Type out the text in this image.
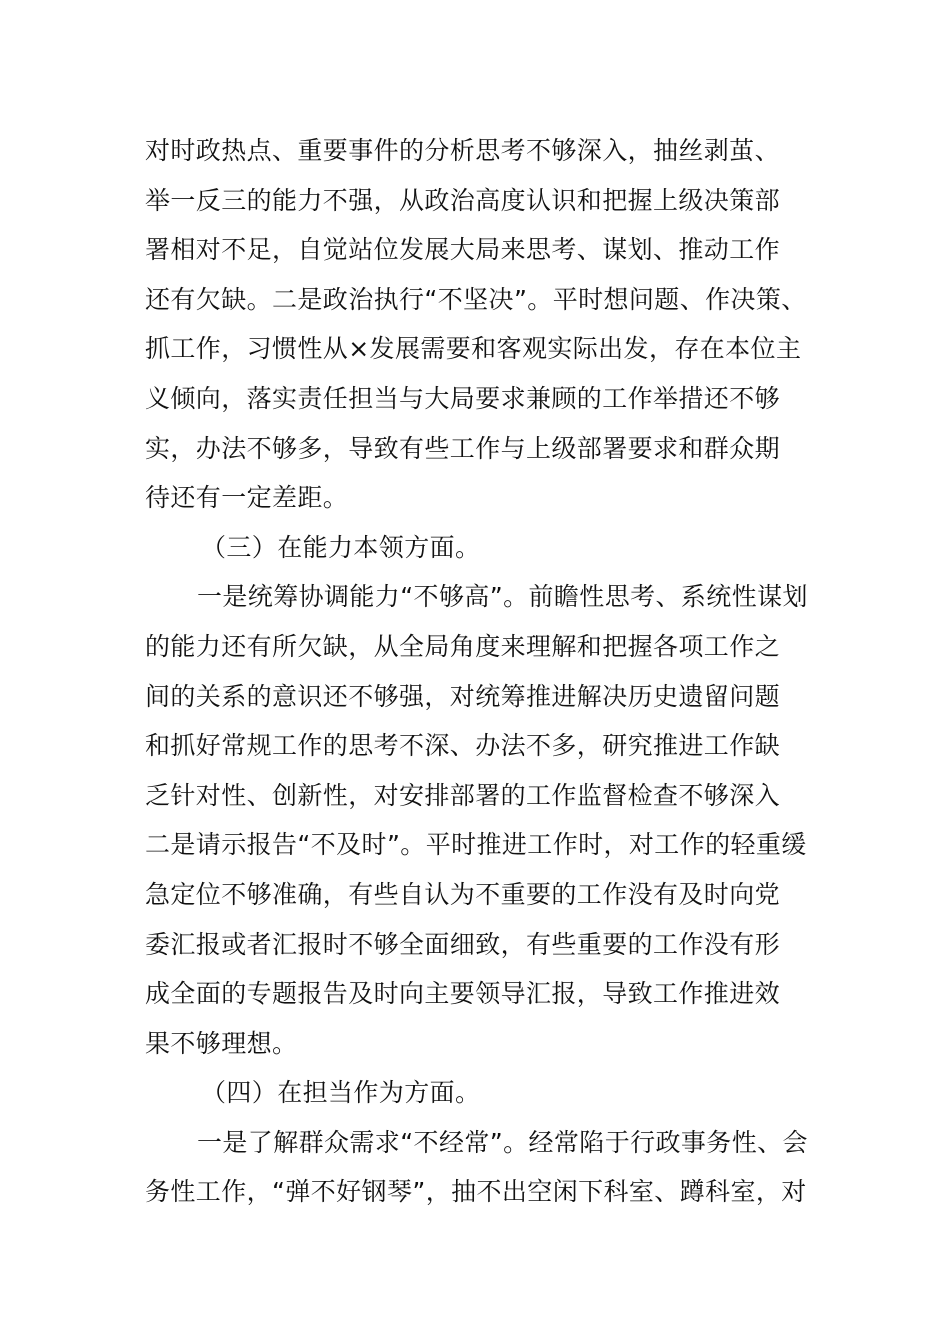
对时政热点、重要事件的分析思考不够深入，抽丝剥茧、

举一反三的能力不强，从政治高度认识和把握上级决策部

署相对不足，自觉站位发展大局来思考、谋划、推动工作

还有欠缺。二是政治执行“不坚决”。平时想问题、作决策、

抓工作，习惯性从×发展需要和客观实际出发，存在本位主

义倾向，落实责任担当与大局要求兼顾的工作举措还不够

实，办法不够多，导致有些工作与上级部署要求和群众期

待还有一定差距。

（三）在能力本领方面。

一是统筹协调能力“不够高”。前瞻性思考、系统性谋划

的能力还有所欠缺，从全局角度来理解和把握各项工作之

间的关系的意识还不够强，对统筹推进解决历史遗留问题

和抓好常规工作的思考不深、办法不多，研究推进工作缺

乏针对性、创新性，对安排部署的工作监督检查不够深入

二是请示报告“不及时”。平时推进工作时，对工作的轻重缓

急定位不够准确，有些自认为不重要的工作没有及时向党

委汇报或者汇报时不够全面细致，有些重要的工作没有形

成全面的专题报告及时向主要领导汇报，导致工作推进效

果不够理想。

（四）在担当作为方面。

一是了解群众需求“不经常”。经常陷于行政事务性、会

务性工作，“弹不好钢琴”，抽不出空闲下科室、蹲科室，对
